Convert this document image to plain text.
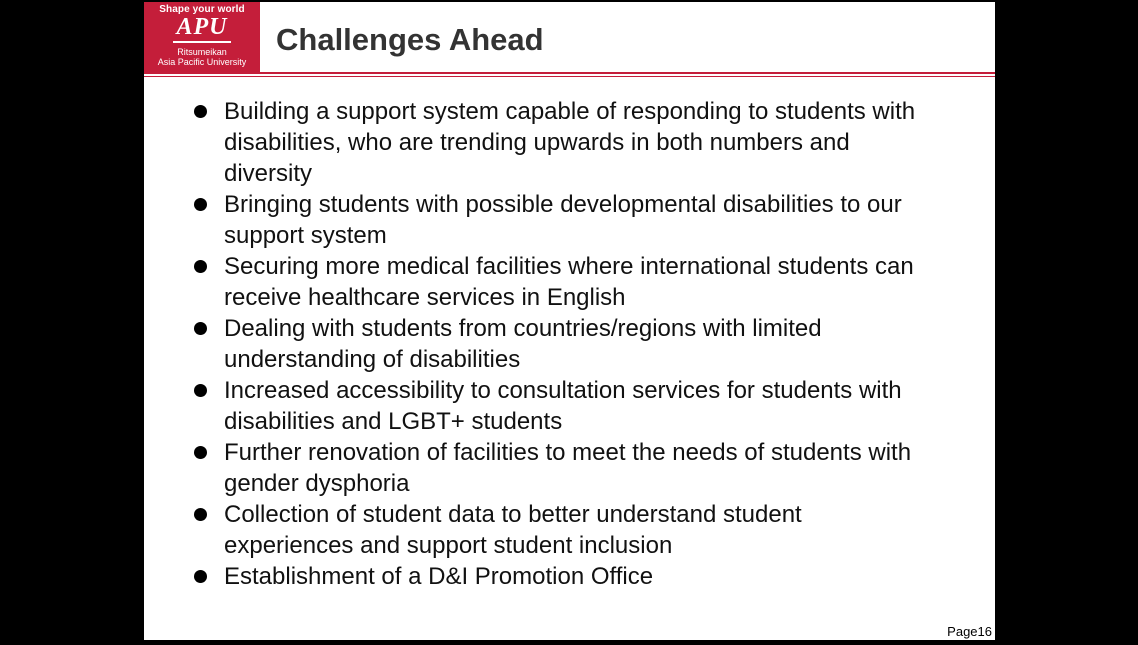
Shape your world
APU
Ritsumeikan
Asia Pacific University
Challenges Ahead
Building a support system capable of responding to students with disabilities, who are trending upwards in both numbers and diversity
Bringing students with possible developmental disabilities to our support system
Securing more medical facilities where international students can receive healthcare services in English
Dealing with students from countries/regions with limited understanding of disabilities
Increased accessibility to consultation services for students with disabilities and LGBT+ students
Further renovation of facilities to meet the needs of students with gender dysphoria
Collection of student data to better understand student experiences and support student inclusion
Establishment of a D&I Promotion Office
Page16
